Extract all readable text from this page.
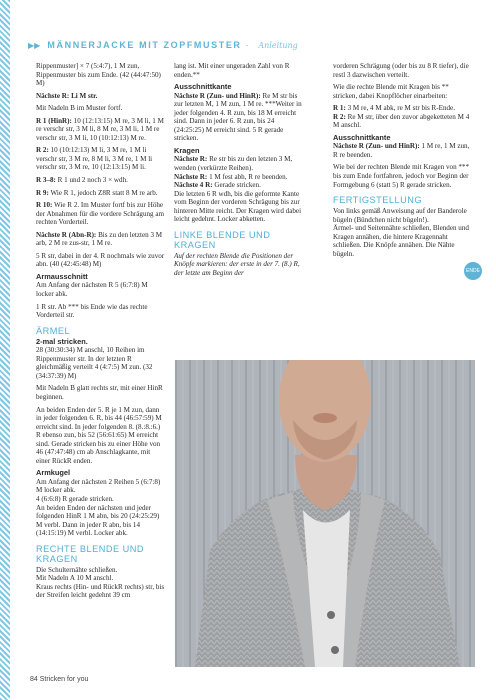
▶▶ MÄNNERJACKE MIT ZOPFMUSTER · Anleitung

Rippenmuster] × 7 (5:4:7), 1 M zun, Rippenmuster bis zum Ende. (42 (44:47:50) M)

Nächste R: Li M str.

Mit Nadeln B im Muster fortf.

R 1 (HinR): 10 (12:13:15) M re, 3 M li, 1 M re verschr str, 3 M li, 8 M re, 3 M li, 1 M re verschr str, 3 M li, 10 (10:12:13) M re.

R 2: 10 (10:12:13) M li, 3 M re, 1 M li verschr str, 3 M re, 8 M li, 3 M re, 1 M li verschr str, 3 M re, 10 (12:13:15) M li.

R 3–8: R 1 und 2 noch 3 × wdh.

R 9: Wie R 1, jedoch Z8R statt 8 M re arb.

R 10: Wie R 2. Im Muster fortf bis zur Höhe der Abnahmen für die vordere Schrägung am rechten Vorderteil.

Nächste R (Abn-R): Bis zu den letzten 3 M arb, 2 M re zus-str, 1 M re.

5 R str, dabei in der 4. R nochmals wie zuvor abn. (40 (42:45:48) M)

Armausschnitt

Am Anfang der nächsten R 5 (6:7:8) M locker abk.

1 R str. Ab *** bis Ende wie das rechte Vorderteil str.

ÄRMEL
2-mal stricken.

28 (30:30:34) M anschl, 10 Reihen im Rippenmuster str. In der letzten R gleichmäßig verteilt 4 (4:7:5) M zun. (32 (34:37:39) M)

Mit Nadeln B glatt rechts str, mit einer HinR beginnen.

An beiden Enden der 5. R je 1 M zun, dann in jeder folgenden 6. R, bis 44 (46:57:59) M erreicht sind. In jeder folgenden 8. (8.:8.:6.) R ebenso zun, bis 52 (56:61:65) M erreicht sind. Gerade stricken bis zu einer Höhe von 46 (47:47:48) cm ab Anschlagkante, mit einer RückR enden.

Armkugel

Am Anfang der nächsten 2 Reihen 5 (6:7:8) M locker abk.

4 (6:6:8) R gerade stricken.

An beiden Enden der nächsten und jeder folgenden HinR 1 M abn, bis 20 (24:25:29) M verbl. Dann in jeder R abn, bis 14 (14:15:19) M verbl. Locker abk.

RECHTE BLENDE UND KRAGEN

Die Schulternähte schließen.

Mit Nadeln A 10 M anschl.

Kraus rechts (Hin- und RückR rechts) str, bis der Streifen leicht gedehnt 39 cm

lang ist. Mit einer ungeraden Zahl von R enden.**

Ausschnittkante

Nächste R (Zun- und HinR): Re M str bis zur letzten M, 1 M zun, 1 M re. ***Weiter in jeder folgenden 4. R zun, bis 18 M erreicht sind. Dann in jeder 6. R zun, bis 24 (24:25:25) M erreicht sind. 5 R gerade stricken.

Kragen

Nächste R: Re str bis zu den letzten 3 M, wenden (verkürzte Reihen).

Nächste R: 1 M fest abh, R re beenden.

Nächste 4 R: Gerade stricken.

Die letzten 6 R wdh, bis die geformte Kante vom Beginn der vorderen Schrägung bis zur hinteren Mitte reicht. Der Kragen wird dabei leicht gedehnt. Locker abketten.

LINKE BLENDE UND KRAGEN

Auf der rechten Blende die Positionen der Knöpfe markieren: der erste in der 7. (8.) R, der letzte am Beginn der

vorderen Schrägung (oder bis zu 8 R tiefer), die restl 3 dazwischen verteilt.

Wie die rechte Blende mit Kragen bis ** stricken, dabei Knopflöcher einarbeiten:

R 1: 3 M re, 4 M abk, re M str bis R-Ende.

R 2: Re M str, über den zuvor abgeketteten M 4 M anschl.

Ausschnittkante

Nächste R (Zun- und HinR): 1 M re, 1 M zun, R re beenden.

Wie bei der rechten Blende mit Kragen von *** bis zum Ende fortfahren, jedoch vor Beginn der Formgebung 6 (statt 5) R gerade stricken.

FERTIGSTELLUNG

Von links gemäß Anweisung auf der Banderole bügeln (Bündchen nicht bügeln!).

Ärmel- und Seitennähte schließen, Blenden und Kragen annähen, die hintere Kragennaht schließen. Die Knöpfe annähen. Die Nähte bügeln.

ENDE
84 Stricken for you
